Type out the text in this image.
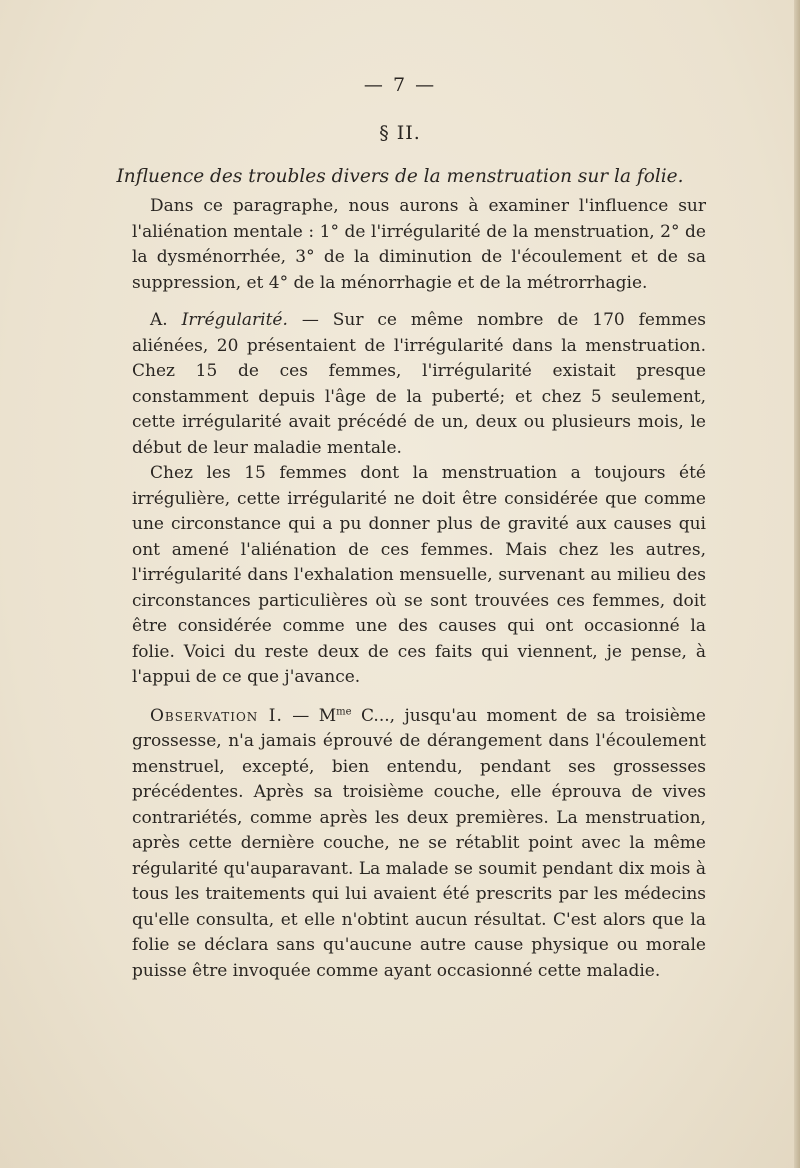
— 7 —
§ II.
Influence des troubles divers de la menstruation sur la folie.

Dans ce paragraphe, nous aurons à examiner l'influence sur l'aliénation mentale : 1° de l'irrégularité de la menstruation, 2° de la dysménorrhée, 3° de la diminution de l'écoulement et de sa suppression, et 4° de la ménorrhagie et de la métrorrhagie.

A. Irrégularité. — Sur ce même nombre de 170 femmes aliénées, 20 présentaient de l'irrégularité dans la menstruation. Chez 15 de ces femmes, l'irrégularité existait presque constamment depuis l'âge de la puberté; et chez 5 seulement, cette irrégularité avait précédé de un, deux ou plusieurs mois, le début de leur maladie mentale.

Chez les 15 femmes dont la menstruation a toujours été irrégulière, cette irrégularité ne doit être considérée que comme une circonstance qui a pu donner plus de gravité aux causes qui ont amené l'aliénation de ces femmes. Mais chez les autres, l'irrégularité dans l'exhalation mensuelle, survenant au milieu des circonstances particulières où se sont trouvées ces femmes, doit être considérée comme une des causes qui ont occasionné la folie. Voici du reste deux de ces faits qui viennent, je pense, à l'appui de ce que j'avance.

Observation I. — $M^{me}$ C..., jusqu'au moment de sa troisième grossesse, n'a jamais éprouvé de dérangement dans l'écoulement menstruel, excepté, bien entendu, pendant ses grossesses précédentes. Après sa troisième couche, elle éprouva de vives contrariétés, comme après les deux premières. La menstruation, après cette dernière couche, ne se rétablit point avec la même régularité qu'auparavant. La malade se soumit pendant dix mois à tous les traitements qui lui avaient été prescrits par les médecins qu'elle consulta, et elle n'obtint aucun résultat. C'est alors que la folie se déclara sans qu'aucune autre cause physique ou morale puisse être invoquée comme ayant occasionné cette maladie.
